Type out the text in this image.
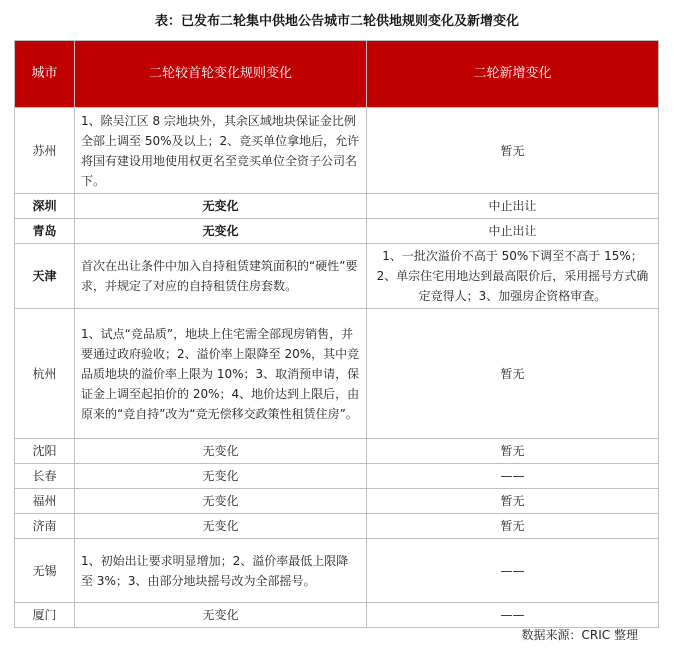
表：已发布二轮集中供地公告城市二轮供地规则变化及新增变化
城市	二轮较首轮变化规则变化	二轮新增变化
苏州	1、除吴江区 8 宗地块外，其余区域地块保证金比例全部上调至 50%及以上；2、竞买单位拿地后，允许将国有建设用地使用权更名至竞买单位全资子公司名下。	暂无
深圳	无变化	中止出让
青岛	无变化	中止出让
天津	首次在出让条件中加入自持租赁建筑面积的“硬性”要求，并规定了对应的自持租赁住房套数。	1、一批次溢价不高于 50%下调至不高于 15%；2、单宗住宅用地达到最高限价后，采用摇号方式确定竞得人；3、加强房企资格审查。
杭州	1、试点“竞品质”，地块上住宅需全部现房销售，并要通过政府验收；2、溢价率上限降至 20%，其中竞品质地块的溢价率上限为 10%；3、取消预申请，保证金上调至起拍价的 20%；4、地价达到上限后，由原来的“竞自持”改为“竞无偿移交政策性租赁住房”。	暂无
沈阳	无变化	暂无
长春	无变化	——
福州	无变化	暂无
济南	无变化	暂无
无锡	1、初始出让要求明显增加；2、溢价率最低上限降至 3%；3、由部分地块摇号改为全部摇号。	——
厦门	无变化	——
数据来源：CRIC 整理
